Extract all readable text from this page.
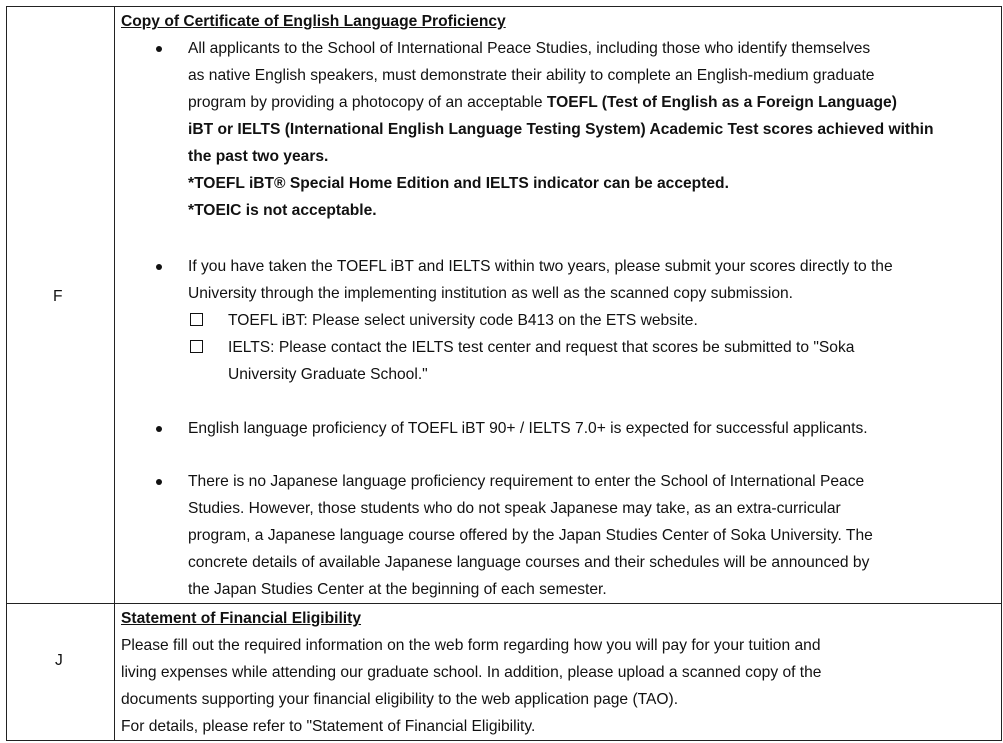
F
Copy of Certificate of English Language Proficiency
All applicants to the School of International Peace Studies, including those who identify themselves
as native English speakers, must demonstrate their ability to complete an English-medium graduate
program by providing a photocopy of an acceptable TOEFL (Test of English as a Foreign Language)
iBT or IELTS (International English Language Testing System) Academic Test scores achieved within
the past two years.
*TOEFL iBT® Special Home Edition and IELTS indicator can be accepted.
*TOEIC is not acceptable.
If you have taken the TOEFL iBT and IELTS within two years, please submit your scores directly to the
University through the implementing institution as well as the scanned copy submission.
TOEFL iBT: Please select university code B413 on the ETS website.
IELTS: Please contact the IELTS test center and request that scores be submitted to "Soka
University Graduate School."
English language proficiency of TOEFL iBT 90+ / IELTS 7.0+ is expected for successful applicants.
There is no Japanese language proficiency requirement to enter the School of International Peace
Studies. However, those students who do not speak Japanese may take, as an extra-curricular
program, a Japanese language course offered by the Japan Studies Center of Soka University. The
concrete details of available Japanese language courses and their schedules will be announced by
the Japan Studies Center at the beginning of each semester.
J
Statement of Financial Eligibility
Please fill out the required information on the web form regarding how you will pay for your tuition and
living expenses while attending our graduate school. In addition, please upload a scanned copy of the
documents supporting your financial eligibility to the web application page (TAO).
For details, please refer to "Statement of Financial Eligibility.
